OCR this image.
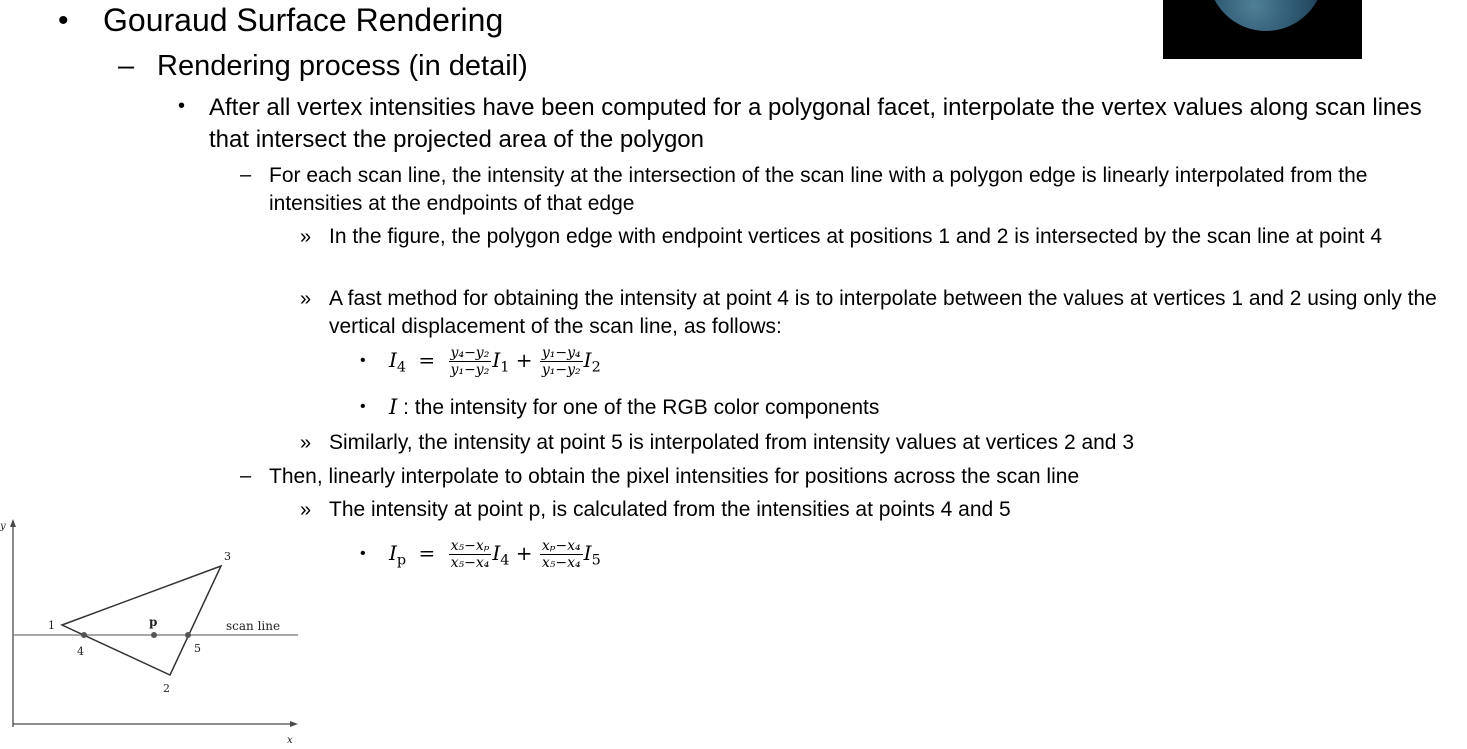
• Gouraud Surface Rendering
– Rendering process (in detail)
• After all vertex intensities have been computed for a polygonal facet, interpolate the vertex values along scan lines that intersect the projected area of the polygon
– For each scan line, the intensity at the intersection of the scan line with a polygon edge is linearly interpolated from the intensities at the endpoints of that edge
» In the figure, the polygon edge with endpoint vertices at positions 1 and 2 is intersected by the scan line at point 4
» A fast method for obtaining the intensity at point 4 is to interpolate between the values at vertices 1 and 2 using only the vertical displacement of the scan line, as follows:
• $I_4 = \frac{\text{y₄−y₂}}{\text{y₁−y₂}} I_1 + \frac{\text{y₁−y₄}}{\text{y₁−y₂}} I_2$
• I : the intensity for one of the RGB color components
» Similarly, the intensity at point 5 is interpolated from intensity values at vertices 2 and 3
– Then, linearly interpolate to obtain the pixel intensities for positions across the scan line
» The intensity at point p, is calculated from the intensities at points 4 and 5
• $I_p = \frac{\text{x₅−xₚ}}{\text{x₅−x₄}} I_4 + \frac{\text{xₚ−x₄}}{\text{x₅−x₄}} I_5$
y
x
scan line
1
2
3
4	5
p
